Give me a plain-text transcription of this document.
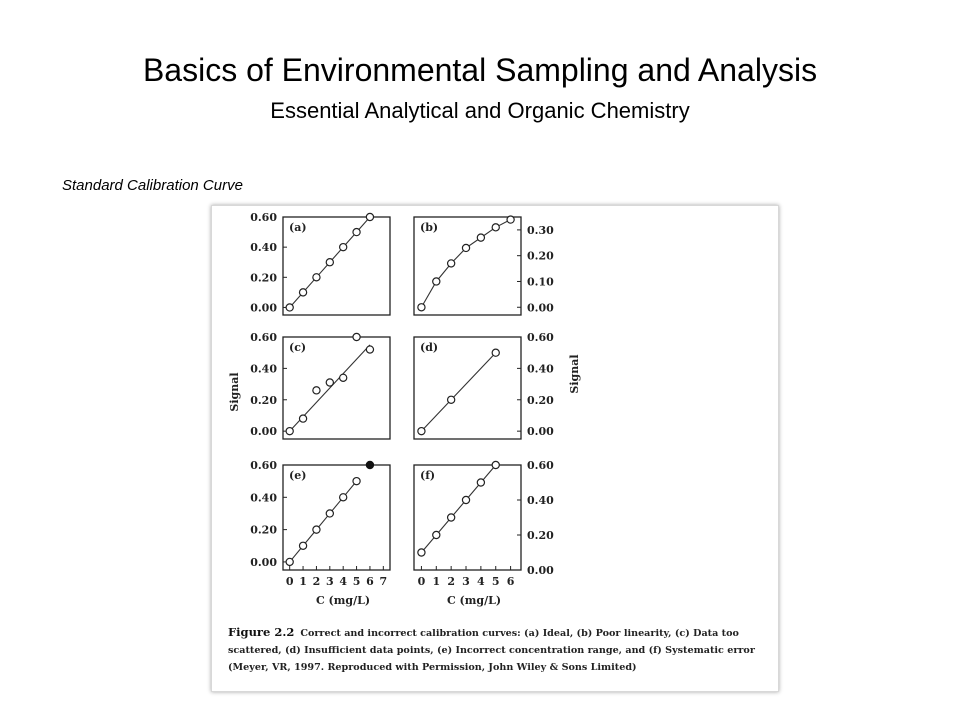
Basics of Environmental Sampling and Analysis
Essential Analytical and Organic Chemistry
Standard Calibration Curve
(a)
0.00
0.20
0.40
0.60
(b)
0.00
0.10
0.20
0.30
(c)
0.00
0.20
0.40
0.60
(d)
0.00
0.20
0.40
0.60
(e)
0.00
0.20
0.40
0.60
0 1 2 3 4 5 6 7
(f)
0.00
0.20
0.40
0.60
0 1 2 3 4 5 6
Signal	Signal
C (mg/L)	C (mg/L)
Figure 2.2 Correct and incorrect calibration curves: (a) Ideal, (b) Poor linearity, (c) Data too scattered, (d) Insufficient data points, (e) Incorrect concentration range, and (f) Systematic error (Meyer, VR, 1997. Reproduced with Permission, John Wiley & Sons Limited)
